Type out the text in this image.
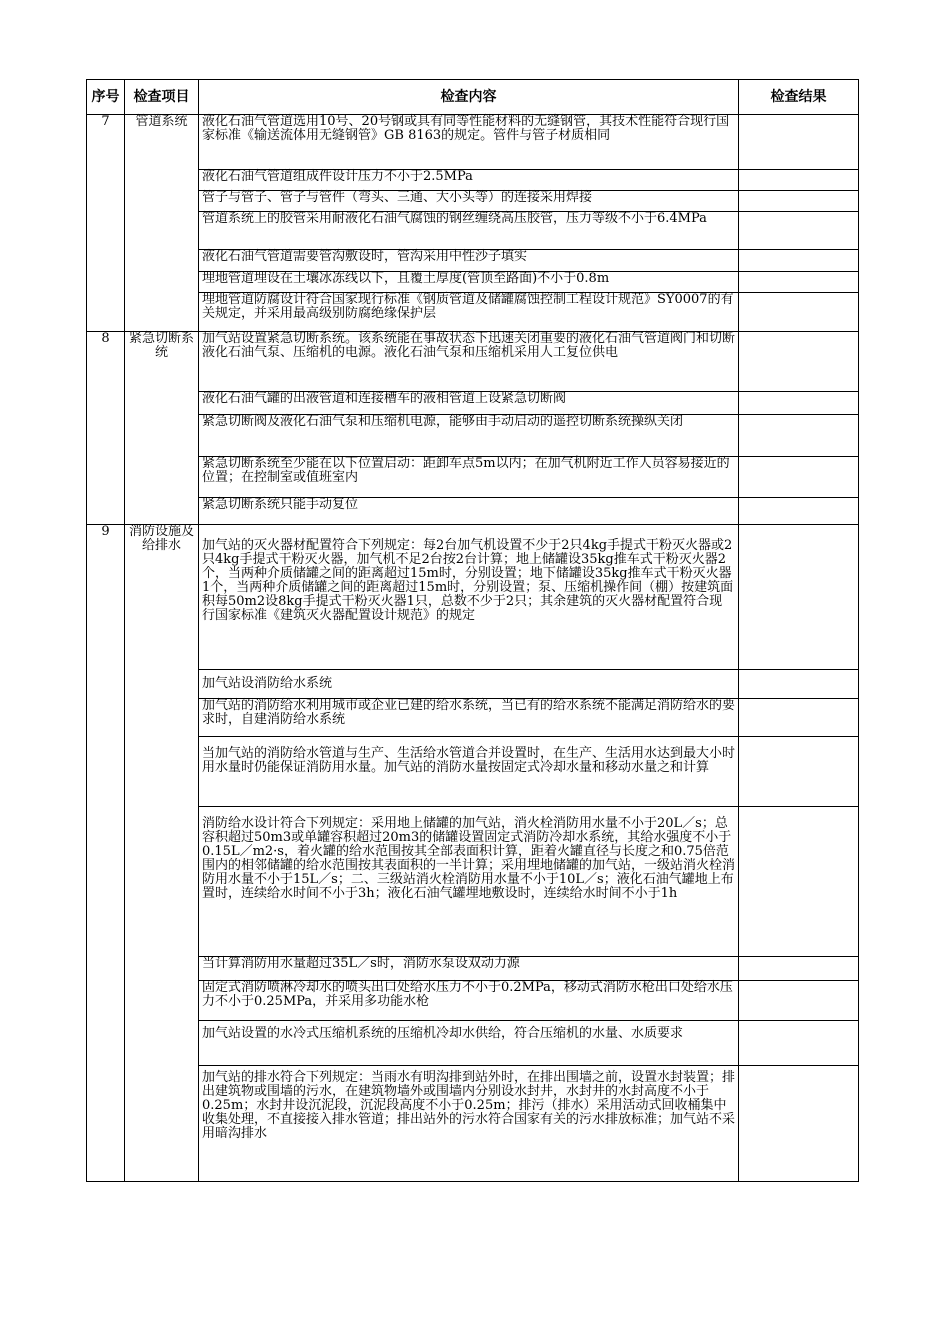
序号	检查项目	检查内容	检查结果
7	管道系统	液化石油气管道选用10号、20号钢或具有同等性能材料的无缝钢管，其技术性能符合现行国家标准《输送流体用无缝钢管》GB 8163的规定。管件与管子材质相同	
		液化石油气管道组成件设计压力不小于2.5MPa	
		管子与管子、管子与管件（弯头、三通、大小头等）的连接采用焊接	
		管道系统上的胶管采用耐液化石油气腐蚀的钢丝缠绕高压胶管，压力等级不小于6.4MPa	
		液化石油气管道需要管沟敷设时，管沟采用中性沙子填实	
		埋地管道埋设在土壤冰冻线以下，且覆土厚度(管顶至路面)不小于0.8m	
		埋地管道防腐设计符合国家现行标准《钢质管道及储罐腐蚀控制工程设计规范》SY0007的有关规定，并采用最高级别防腐绝缘保护层	
8	紧急切断系统	加气站设置紧急切断系统。该系统能在事故状态下迅速关闭重要的液化石油气管道阀门和切断液化石油气泵、压缩机的电源。液化石油气泵和压缩机采用人工复位供电	
		液化石油气罐的出液管道和连接槽车的液相管道上设紧急切断阀	
		紧急切断阀及液化石油气泵和压缩机电源，能够由手动启动的遥控切断系统操纵关闭	
		紧急切断系统至少能在以下位置启动：距卸车点5m以内；在加气机附近工作人员容易接近的位置；在控制室或值班室内	
		紧急切断系统只能手动复位	
9	消防设施及给排水	加气站的灭火器材配置符合下列规定：每2台加气机设置不少于2只4kg手提式干粉灭火器或2只4kg手提式干粉灭火器，加气机不足2台按2台计算；地上储罐设35kg推车式干粉灭火器2个，当两种介质储罐之间的距离超过15m时，分别设置；地下储罐设35kg推车式干粉灭火器1个，当两种介质储罐之间的距离超过15m时，分别设置；泵、压缩机操作间（棚）按建筑面积每50m2设8kg手提式干粉灭火器1只，总数不少于2只；其余建筑的灭火器材配置符合现行国家标准《建筑灭火器配置设计规范》的规定	
		加气站设消防给水系统	
		加气站的消防给水利用城市或企业已建的给水系统，当已有的给水系统不能满足消防给水的要求时，自建消防给水系统	
		当加气站的消防给水管道与生产、生活给水管道合并设置时，在生产、生活用水达到最大小时用水量时仍能保证消防用水量。加气站的消防水量按固定式冷却水量和移动水量之和计算	
		消防给水设计符合下列规定：采用地上储罐的加气站，消火栓消防用水量不小于20L／s；总容积超过50m3或单罐容积超过20m3的储罐设置固定式消防冷却水系统，其给水强度不小于0.15L／m2·s，着火罐的给水范围按其全部表面积计算，距着火罐直径与长度之和0.75倍范围内的相邻储罐的给水范围按其表面积的一半计算；采用埋地储罐的加气站，一级站消火栓消防用水量不小于15L／s；二、三级站消火栓消防用水量不小于10L／s；液化石油气罐地上布置时，连续给水时间不小于3h；液化石油气罐埋地敷设时，连续给水时间不小于1h	
		当计算消防用水量超过35L／s时，消防水泵设双动力源	
		固定式消防喷淋冷却水的喷头出口处给水压力不小于0.2MPa，移动式消防水枪出口处给水压力不小于0.25MPa，并采用多功能水枪	
		加气站设置的水冷式压缩机系统的压缩机冷却水供给，符合压缩机的水量、水质要求	
		加气站的排水符合下列规定：当雨水有明沟排到站外时，在排出围墙之前，设置水封装置；排出建筑物或围墙的污水，在建筑物墙外或围墙内分别设水封井，水封井的水封高度不小于0.25m；水封井设沉泥段，沉泥段高度不小于0.25m；排污（排水）采用活动式回收桶集中收集处理，不直接接入排水管道；排出站外的污水符合国家有关的污水排放标准；加气站不采用暗沟排水	
